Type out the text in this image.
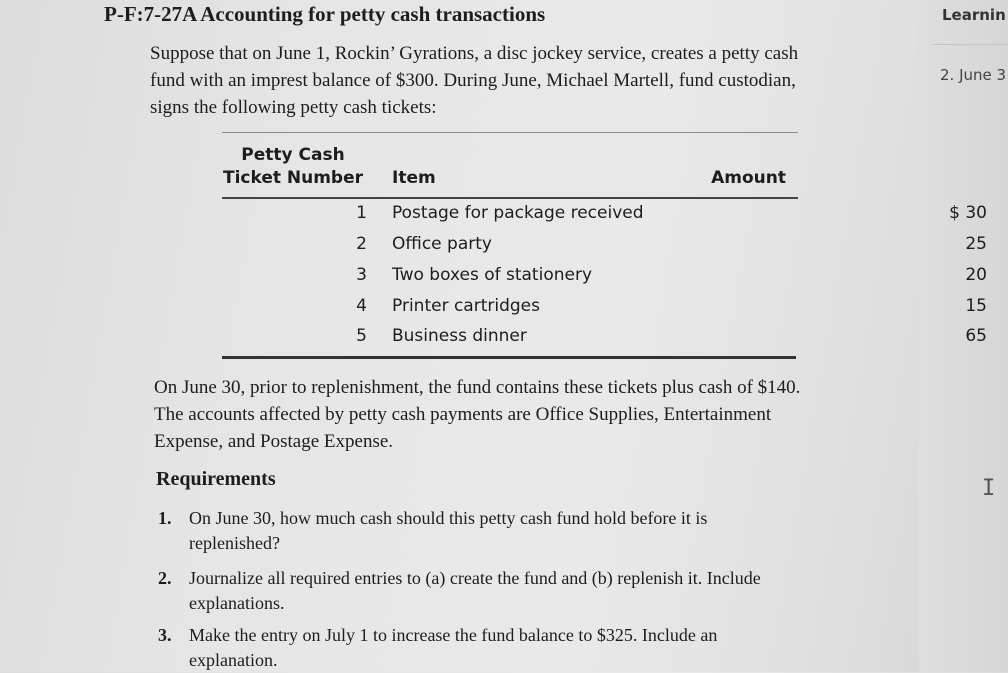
Learnin
2. June 3
I
P-F:7-27A Accounting for petty cash transactions
Suppose that on June 1, Rockin’ Gyrations, a disc jockey service, creates a petty cash
fund with an imprest balance of $300. During June, Michael Martell, fund custodian,
signs the following petty cash tickets:
Petty Cash
Ticket Number Item	Amount
1 Postage for package received	$ 30
2 Office party	25
3 Two boxes of stationery	20
4 Printer cartridges	15
5 Business dinner	65
On June 30, prior to replenishment, the fund contains these tickets plus cash of $140.
The accounts affected by petty cash payments are Office Supplies, Entertainment
Expense, and Postage Expense.
Requirements
1. On June 30, how much cash should this petty cash fund hold before it is
replenished?
2. Journalize all required entries to (a) create the fund and (b) replenish it. Include
explanations.
3. Make the entry on July 1 to increase the fund balance to $325. Include an
explanation.
